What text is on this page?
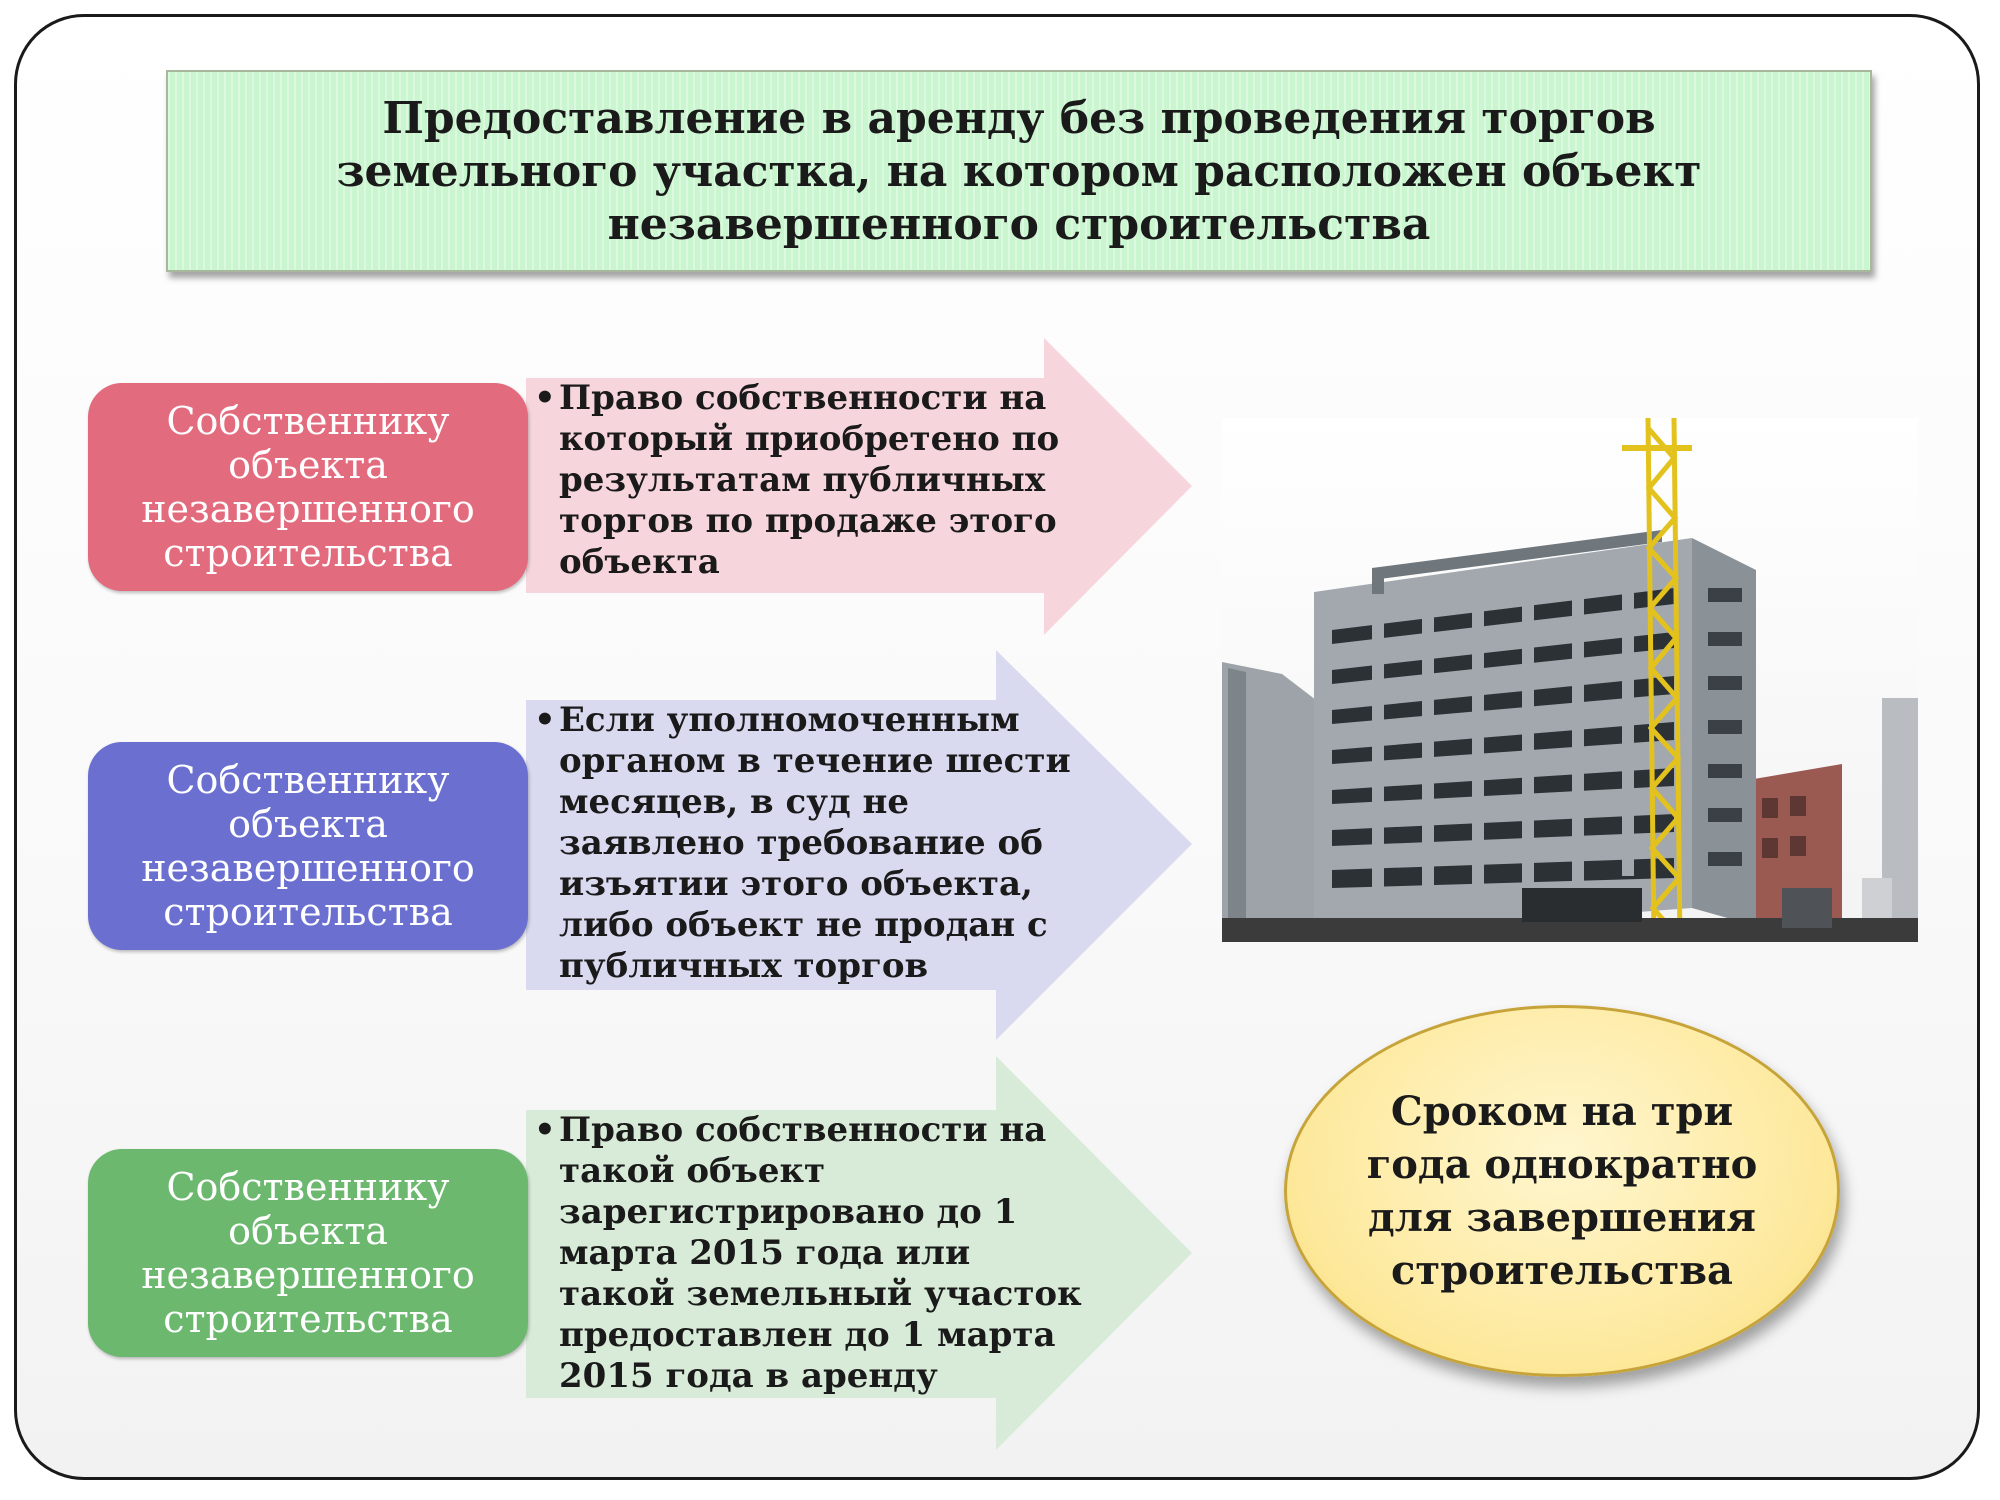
Предоставление в аренду без проведения торгов земельного участка, на котором расположен объект незавершенного строительства
• Право собственности на который приобретено по результатам публичных торгов по продаже этого объекта
Собственнику объекта незавершенного строительства
• Если уполномоченным органом в течение шести месяцев, в суд не заявлено требование об изъятии этого объекта, либо объект не продан с публичных торгов
Собственнику объекта незавершенного строительства
• Право собственности на такой объект зарегистрировано до 1 марта 2015 года или такой земельный участок предоставлен до 1 марта 2015 года в аренду
Собственнику объекта незавершенного строительства
Сроком на три года однократно для завершения строительства
